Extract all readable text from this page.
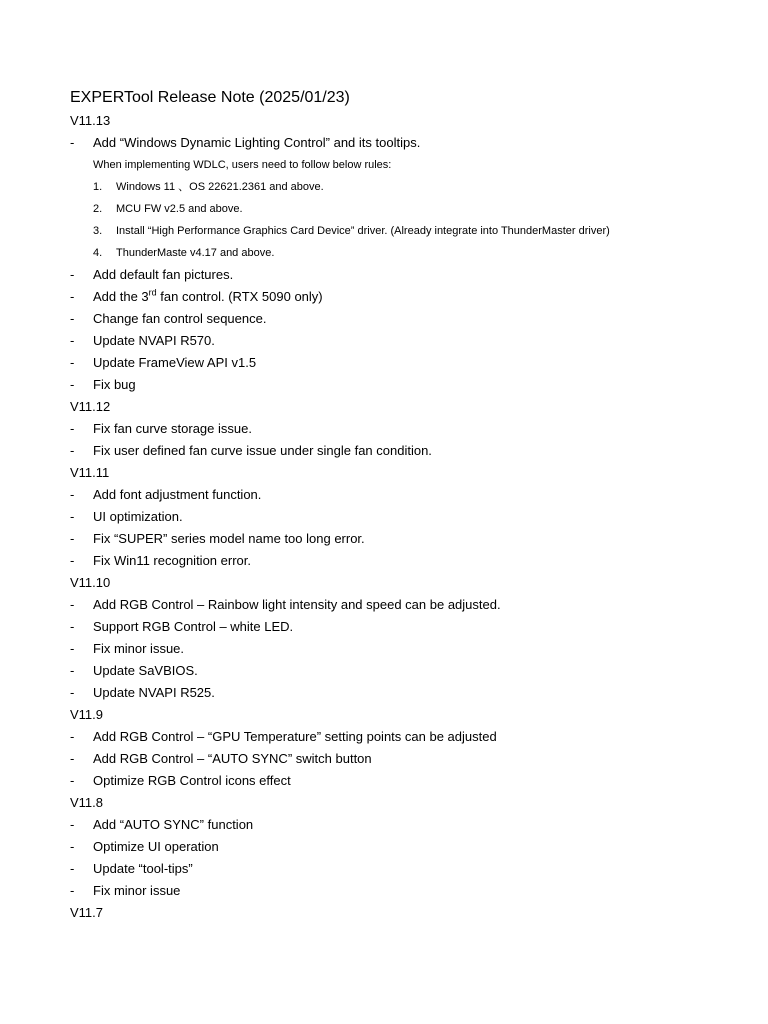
EXPERTool Release Note (2025/01/23)
V11.13
- Add “Windows Dynamic Lighting Control” and its tooltips.
When implementing WDLC, users need to follow below rules:
1. Windows 11 、OS 22621.2361 and above.
2. MCU FW v2.5 and above.
3. Install “High Performance Graphics Card Device” driver. (Already integrate into ThunderMaster driver)
4. ThunderMaste v4.17 and above.
- Add default fan pictures.
- Add the 3rd fan control. (RTX 5090 only)
- Change fan control sequence.
- Update NVAPI R570.
- Update FrameView API v1.5
- Fix bug
V11.12
- Fix fan curve storage issue.
- Fix user defined fan curve issue under single fan condition.
V11.11
- Add font adjustment function.
- UI optimization.
- Fix “SUPER” series model name too long error.
- Fix Win11 recognition error.
V11.10
- Add RGB Control – Rainbow light intensity and speed can be adjusted.
- Support RGB Control – white LED.
- Fix minor issue.
- Update SaVBIOS.
- Update NVAPI R525.
V11.9
- Add RGB Control – “GPU Temperature” setting points can be adjusted
- Add RGB Control – “AUTO SYNC” switch button
- Optimize RGB Control icons effect
V11.8
- Add “AUTO SYNC” function
- Optimize UI operation
- Update “tool-tips”
- Fix minor issue
V11.7
